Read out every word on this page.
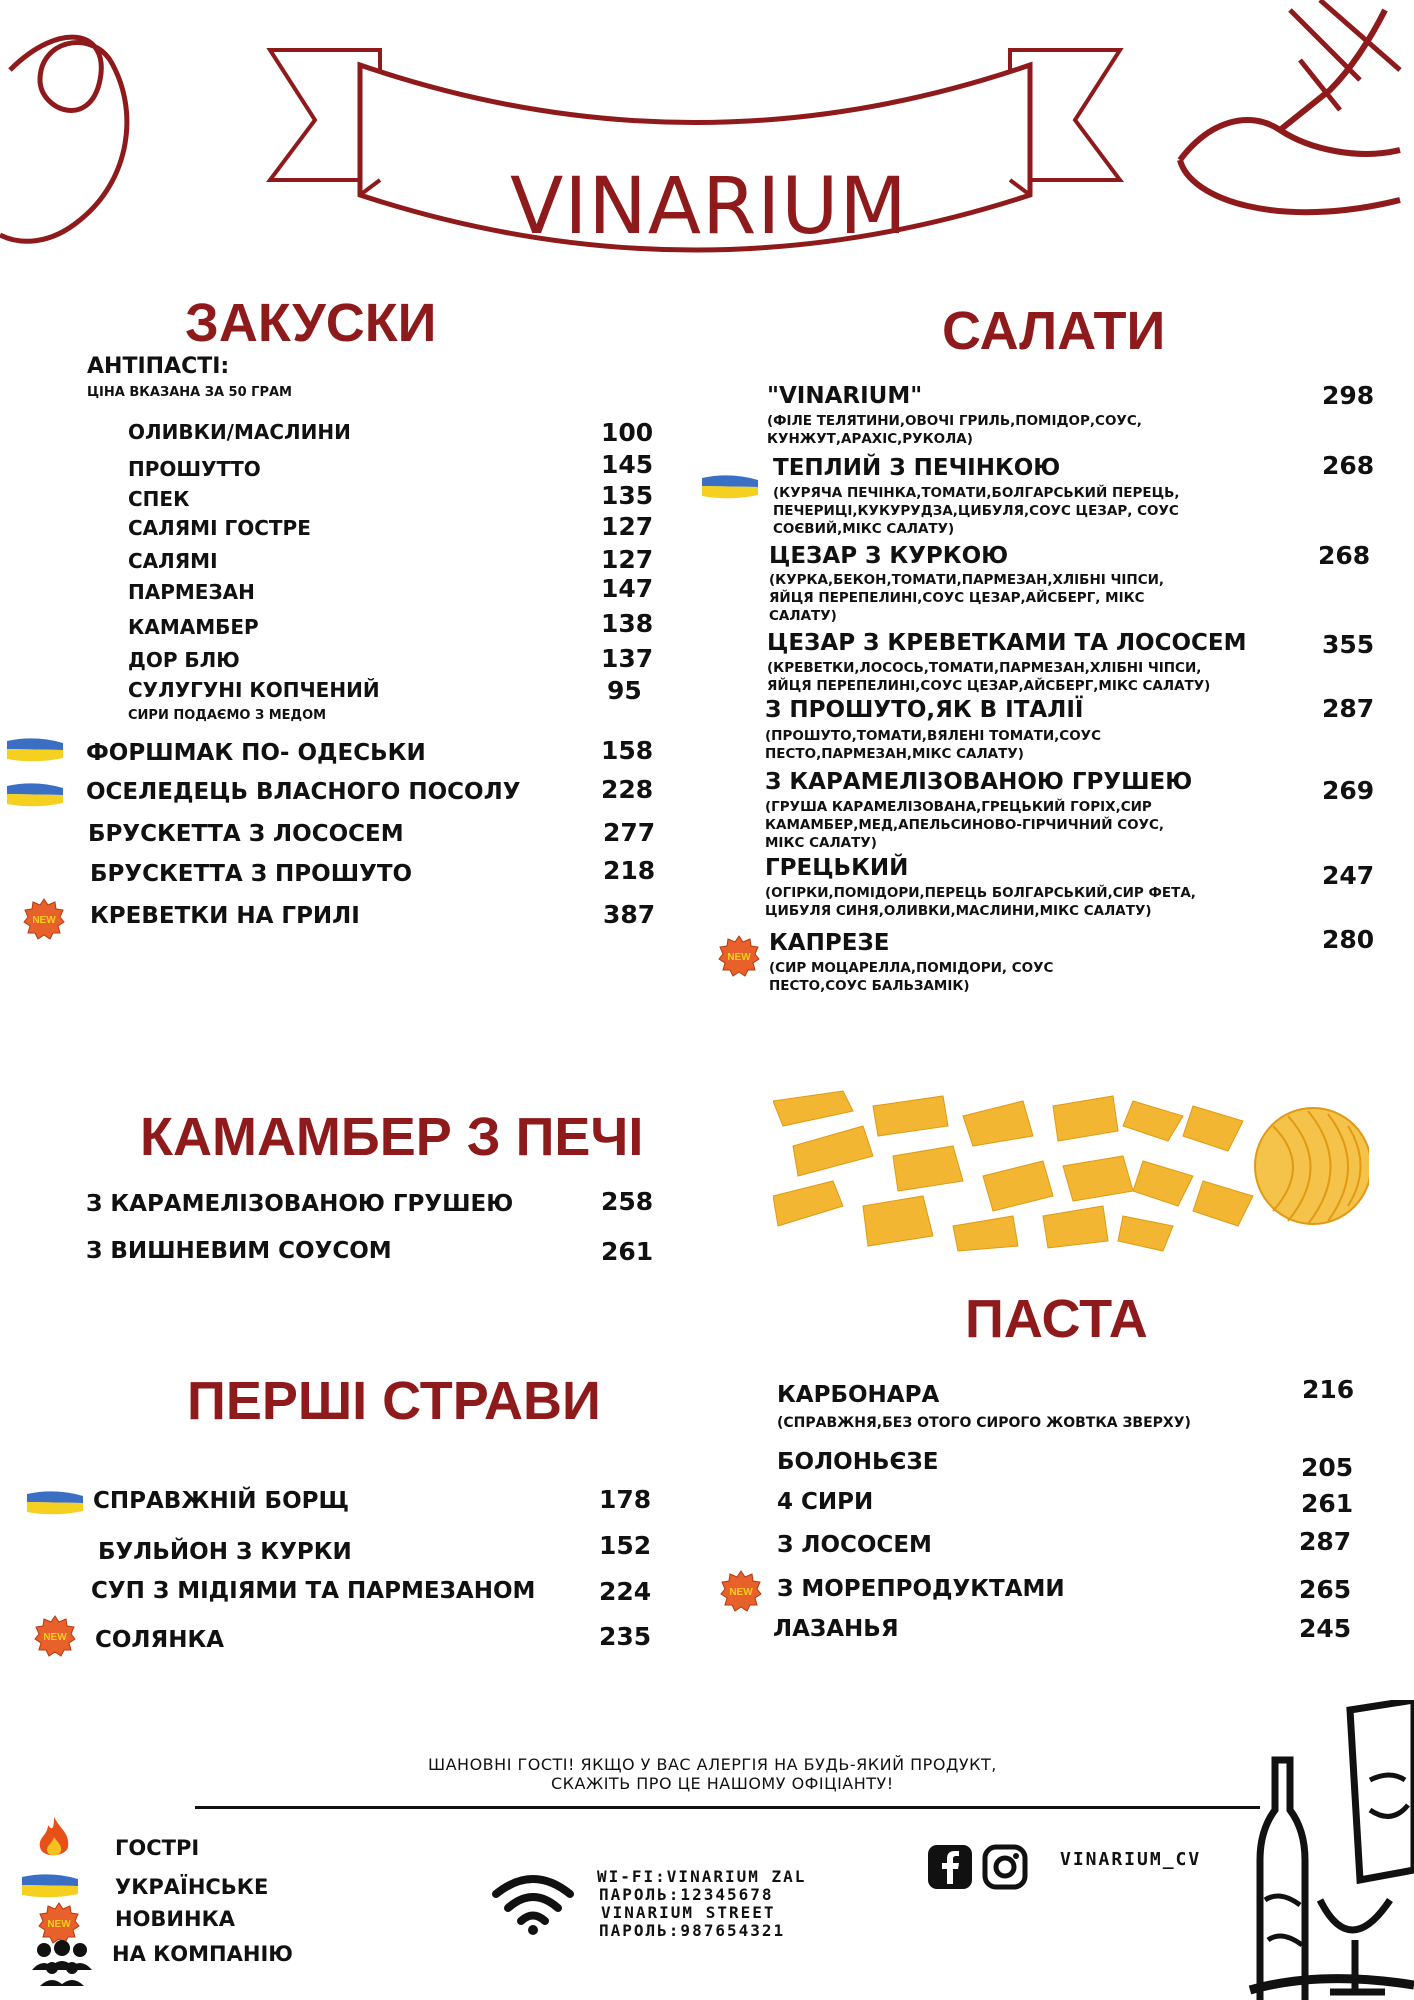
VINARIUM
ЗАКУСКИ
АНТІПАСТІ:
ЦІНА ВКАЗАНА ЗА 50 ГРАМ
ОЛИВКИ/МАСЛИНИ	100
ПРОШУТТО	145
СПЕК	135
САЛЯМІ ГОСТРЕ	127
САЛЯМІ	127
ПАРМЕЗАН	147
КАМАМБЕР	138
ДОР БЛЮ	137
СУЛУГУНІ КОПЧЕНИЙ	95
СИРИ ПОДАЄМО З МЕДОМ
ФОРШМАК ПО- ОДЕСЬКИ	158
ОСЕЛЕДЕЦЬ ВЛАСНОГО ПОСОЛУ	228
БРУСКЕТТА З ЛОСОСЕМ	277
БРУСКЕТТА З ПРОШУТО	218
NEW КРЕВЕТКИ НА ГРИЛІ	387
САЛАТИ
"VINARIUM"	298
(ФІЛЕ ТЕЛЯТИНИ,ОВОЧІ ГРИЛЬ,ПОМІДОР,СОУС, КУНЖУТ,АРАХІС,РУКОЛА)
ТЕПЛИЙ З ПЕЧІНКОЮ	268
(КУРЯЧА ПЕЧІНКА,ТОМАТИ,БОЛГАРСЬКИЙ ПЕРЕЦЬ, ПЕЧЕРИЦІ,КУКУРУДЗА,ЦИБУЛЯ,СОУС ЦЕЗАР, СОУС СОЄВИЙ,МІКС САЛАТУ)
ЦЕЗАР З КУРКОЮ	268
(КУРКА,БЕКОН,ТОМАТИ,ПАРМЕЗАН,ХЛІБНІ ЧІПСИ, ЯЙЦЯ ПЕРЕПЕЛИНІ,СОУС ЦЕЗАР,АЙСБЕРГ, МІКС САЛАТУ)
ЦЕЗАР З КРЕВЕТКАМИ ТА ЛОСОСЕМ	355
(КРЕВЕТКИ,ЛОСОСЬ,ТОМАТИ,ПАРМЕЗАН,ХЛІБНІ ЧІПСИ, ЯЙЦЯ ПЕРЕПЕЛИНІ,СОУС ЦЕЗАР,АЙСБЕРГ,МІКС САЛАТУ)
З ПРОШУТО,ЯК В ІТАЛІЇ	287
(ПРОШУТО,ТОМАТИ,ВЯЛЕНІ ТОМАТИ,СОУС ПЕСТО,ПАРМЕЗАН,МІКС САЛАТУ)
З КАРАМЕЛІЗОВАНОЮ ГРУШЕЮ	269
(ГРУША КАРАМЕЛІЗОВАНА,ГРЕЦЬКИЙ ГОРІХ,СИР КАМАМБЕР,МЕД,АПЕЛЬСИНОВО-ГІРЧИЧНИЙ СОУС, МІКС САЛАТУ)
ГРЕЦЬКИЙ	247
(ОГІРКИ,ПОМІДОРИ,ПЕРЕЦЬ БОЛГАРСЬКИЙ,СИР ФЕТА, ЦИБУЛЯ СИНЯ,ОЛИВКИ,МАСЛИНИ,МІКС САЛАТУ)
NEW
КАПРЕЗЕ	280
(СИР МОЦАРЕЛЛА,ПОМІДОРИ, СОУС ПЕСТО,СОУС БАЛЬЗАМІК)
КАМАМБЕР З ПЕЧІ
З КАРАМЕЛІЗОВАНОЮ ГРУШЕЮ	258
З ВИШНЕВИМ СОУСОМ	261
ПАСТА
КАРБОНАРА	216
(СПРАВЖНЯ,БЕЗ ОТОГО СИРОГО ЖОВТКА ЗВЕРХУ)
БОЛОНЬЄЗЕ	205
4 СИРИ	261
З ЛОСОСЕМ	287
NEW З МОРЕПРОДУКТАМИ	265
ЛАЗАНЬЯ	245
ПЕРШІ СТРАВИ
СПРАВЖНІЙ БОРЩ	178
БУЛЬЙОН З КУРКИ	152
СУП З МІДІЯМИ ТА ПАРМЕЗАНОМ	224
NEW СОЛЯНКА	235
ШАНОВНІ ГОСТІ! ЯКЩО У ВАС АЛЕРГІЯ НА БУДЬ-ЯКИЙ ПРОДУКТ,
СКАЖІТЬ ПРО ЦЕ НАШОМУ ОФІЦІАНТУ!
ГОСТРІ
УКРАЇНСЬКЕ
NEW НОВИНКА
НА КОМПАНІЮ
WI-FI:VINARIUM ZAL
ПАРОЛЬ:12345678
VINARIUM STREET
ПАРОЛЬ:987654321
VINARIUM_CV
